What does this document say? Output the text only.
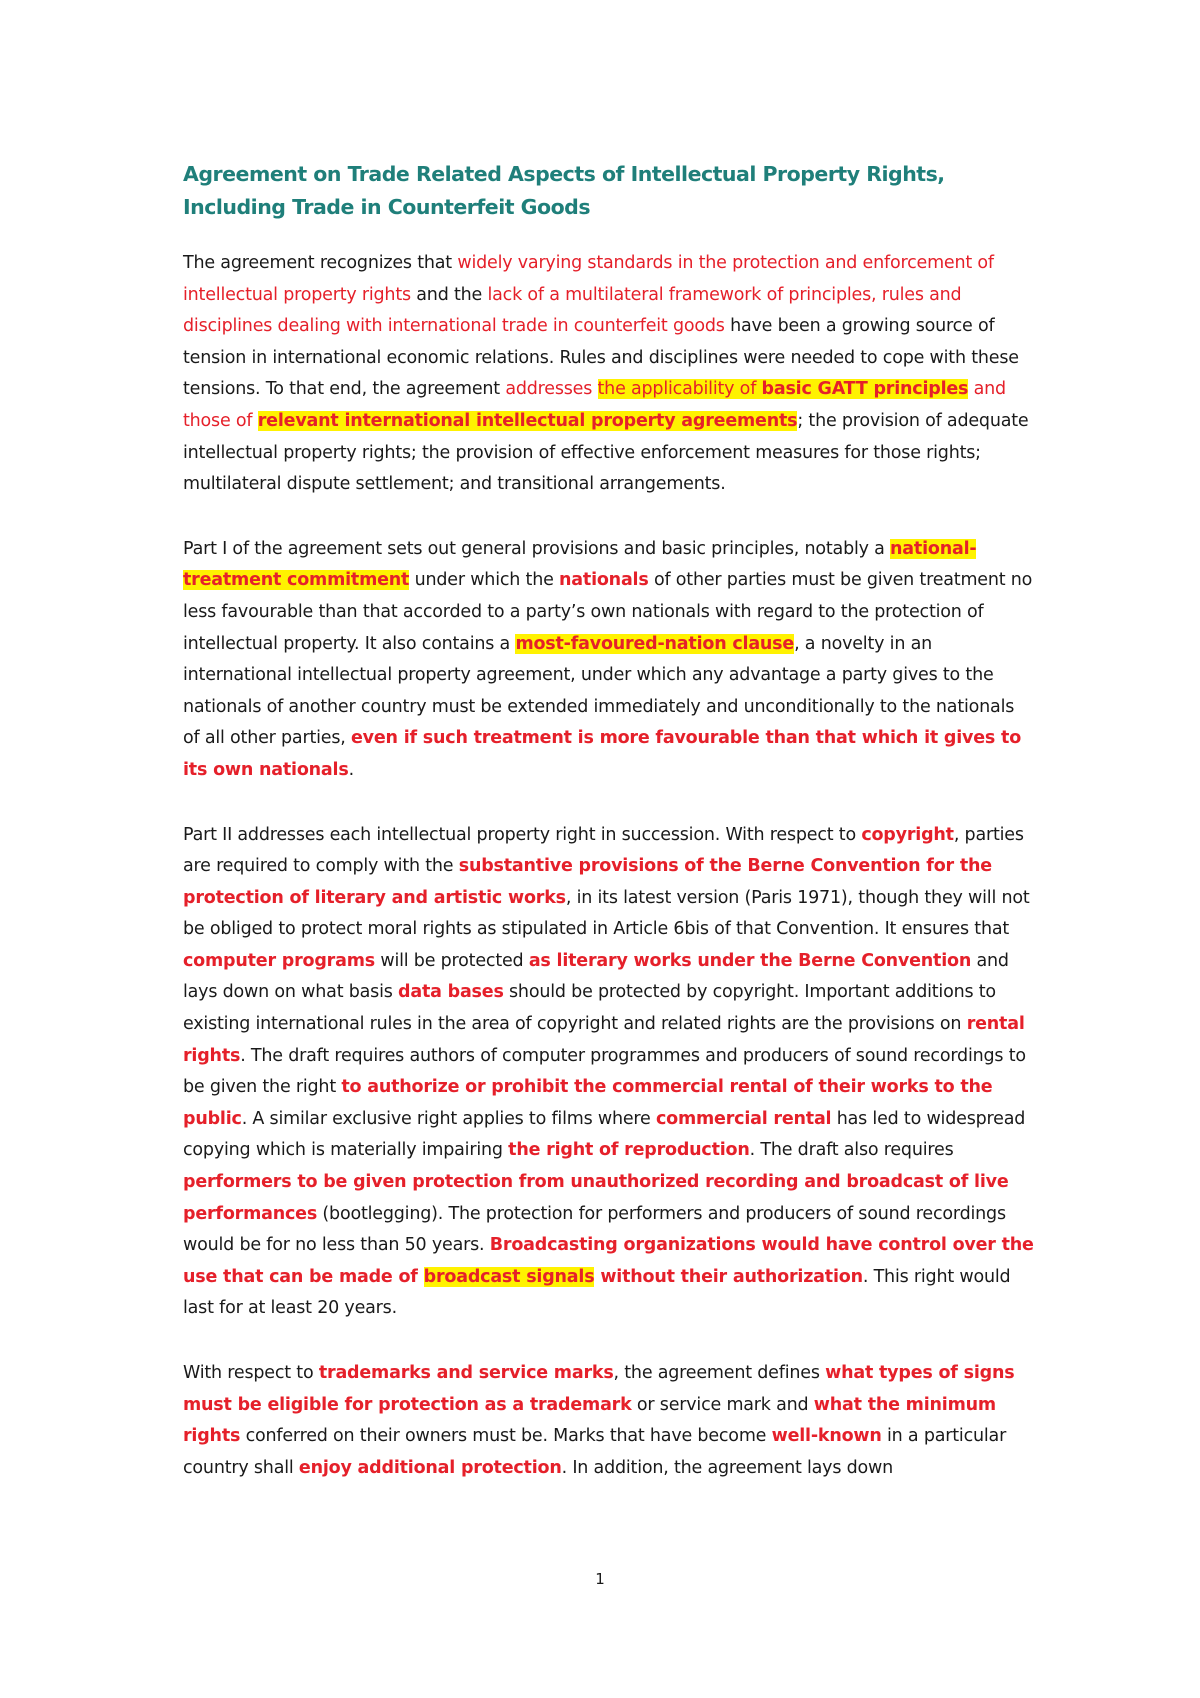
Agreement on Trade Related Aspects of Intellectual Property Rights, Including Trade in Counterfeit Goods

The agreement recognizes that widely varying standards in the protection and enforcement of intellectual property rights and the lack of a multilateral framework of principles, rules and disciplines dealing with international trade in counterfeit goods have been a growing source of tension in international economic relations. Rules and disciplines were needed to cope with these tensions. To that end, the agreement addresses the applicability of basic GATT principles and those of relevant international intellectual property agreements; the provision of adequate intellectual property rights; the provision of effective enforcement measures for those rights; multilateral dispute settlement; and transitional arrangements.

Part I of the agreement sets out general provisions and basic principles, notably a national-treatment commitment under which the nationals of other parties must be given treatment no less favourable than that accorded to a party’s own nationals with regard to the protection of intellectual property. It also contains a most-favoured-nation clause, a novelty in an international intellectual property agreement, under which any advantage a party gives to the nationals of another country must be extended immediately and unconditionally to the nationals of all other parties, even if such treatment is more favourable than that which it gives to its own nationals.

Part II addresses each intellectual property right in succession. With respect to copyright, parties are required to comply with the substantive provisions of the Berne Convention for the protection of literary and artistic works, in its latest version (Paris 1971), though they will not be obliged to protect moral rights as stipulated in Article 6bis of that Convention. It ensures that computer programs will be protected as literary works under the Berne Convention and lays down on what basis data bases should be protected by copyright. Important additions to existing international rules in the area of copyright and related rights are the provisions on rental rights. The draft requires authors of computer programmes and producers of sound recordings to be given the right to authorize or prohibit the commercial rental of their works to the public. A similar exclusive right applies to films where commercial rental has led to widespread copying which is materially impairing the right of reproduction. The draft also requires performers to be given protection from unauthorized recording and broadcast of live performances (bootlegging). The protection for performers and producers of sound recordings would be for no less than 50 years. Broadcasting organizations would have control over the use that can be made of broadcast signals without their authorization. This right would last for at least 20 years.

With respect to trademarks and service marks, the agreement defines what types of signs must be eligible for protection as a trademark or service mark and what the minimum rights conferred on their owners must be. Marks that have become well-known in a particular country shall enjoy additional protection. In addition, the agreement lays down

1
